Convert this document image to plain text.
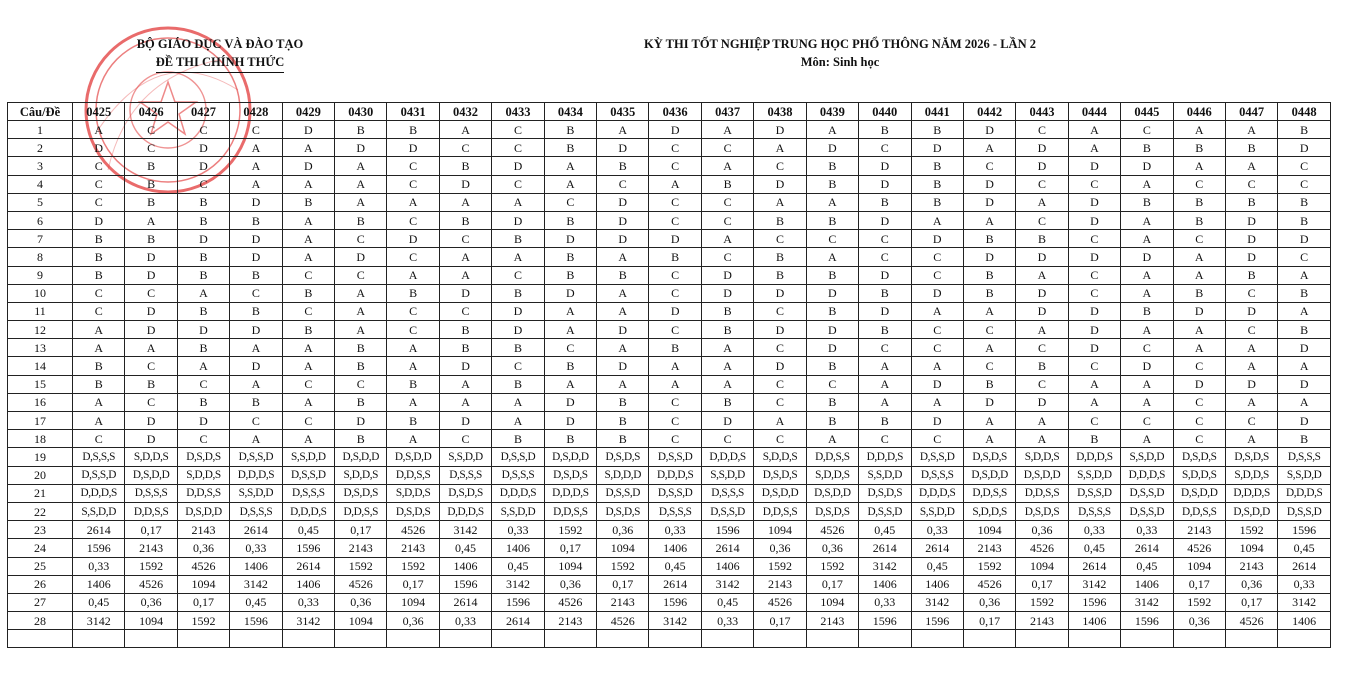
BỘ GIÁO DỤC VÀ ĐÀO TẠO
ĐỀ THI CHÍNH THỨC
KỲ THI TỐT NGHIỆP TRUNG HỌC PHỔ THÔNG NĂM 2026 - LẦN 2
Môn: Sinh học
Câu/Đề	0425	0426	0427	0428	0429	0430	0431	0432	0433	0434	0435	0436	0437	0438	0439	0440	0441	0442	0443	0444	0445	0446	0447	0448
1	A	C	C	C	D	B	B	A	C	B	A	D	A	D	A	B	B	D	C	A	C	A	A	B
2	D	C	D	A	A	D	D	C	C	B	D	C	C	A	D	C	D	A	D	A	B	B	B	D
3	C	B	D	A	D	A	C	B	D	A	B	C	A	C	B	D	B	C	D	D	D	A	A	C
4	C	B	C	A	A	A	C	D	C	A	C	A	B	D	B	D	B	D	C	C	A	C	C	C
5	C	B	B	D	B	A	A	A	A	C	D	C	C	A	A	B	B	D	A	D	B	B	B	B
6	D	A	B	B	A	B	C	B	D	B	D	C	C	B	B	D	A	A	C	D	A	B	D	B
7	B	B	D	D	A	C	D	C	B	D	D	D	A	C	C	C	D	B	B	C	A	C	D	D
8	B	D	B	D	A	D	C	A	A	B	A	B	C	B	A	C	C	D	D	D	D	A	D	C
9	B	D	B	B	C	C	A	A	C	B	B	C	D	B	B	D	C	B	A	C	A	A	B	A
10	C	C	A	C	B	A	B	D	B	D	A	C	D	D	D	B	D	B	D	C	A	B	C	B
11	C	D	B	B	C	A	C	C	D	A	A	D	B	C	B	D	A	A	D	D	B	D	D	A
12	A	D	D	D	B	A	C	B	D	A	D	C	B	D	D	B	C	C	A	D	A	A	C	B
13	A	A	B	A	A	B	A	B	B	C	A	B	A	C	D	C	C	A	C	D	C	A	A	D
14	B	C	A	D	A	B	A	D	C	B	D	A	A	D	B	A	A	C	B	C	D	C	A	A
15	B	B	C	A	C	C	B	A	B	A	A	A	A	C	C	A	D	B	C	A	A	D	D	D
16	A	C	B	B	A	B	A	A	A	D	B	C	B	C	B	A	A	D	D	A	A	C	A	A
17	A	D	D	C	C	D	B	D	A	D	B	C	D	A	B	B	D	A	A	C	C	C	C	D
18	C	D	C	A	A	B	A	C	B	B	B	C	C	C	A	C	C	A	A	B	A	C	A	B
19	D,S,S,S	S,D,D,S	D,S,D,S	D,S,S,D	S,S,D,D	D,S,D,D	D,S,D,D	S,S,D,D	D,S,S,D	D,S,D,D	D,S,D,S	D,S,S,D	D,D,D,S	S,D,D,S	D,D,S,S	D,D,D,S	D,S,S,D	D,S,D,S	S,D,D,S	D,D,D,S	S,S,D,D	D,S,D,S	D,S,D,S	D,S,S,S
20	D,S,S,D	D,S,D,D	S,D,D,S	D,D,D,S	D,S,S,D	S,D,D,S	D,D,S,S	D,S,S,S	D,S,S,S	D,S,D,S	S,D,D,D	D,D,D,S	S,S,D,D	D,S,D,S	S,D,D,S	S,S,D,D	D,S,S,S	D,S,D,D	D,S,D,D	S,S,D,D	D,D,D,S	S,D,D,S	S,D,D,S	S,S,D,D
21	D,D,D,S	D,S,S,S	D,D,S,S	S,S,D,D	D,S,S,S	D,S,D,S	S,D,D,S	D,S,D,S	D,D,D,S	D,D,D,S	D,S,S,D	D,S,S,D	D,S,S,S	D,S,D,D	D,S,D,D	D,S,D,S	D,D,D,S	D,D,S,S	D,D,S,S	D,S,S,D	D,S,S,D	D,S,D,D	D,D,D,S	D,D,D,S
22	S,S,D,D	D,D,S,S	D,S,D,D	D,S,S,S	D,D,D,S	D,D,S,S	D,S,D,S	D,D,D,S	S,S,D,D	D,D,S,S	D,S,D,S	D,S,S,S	D,S,S,D	D,D,S,S	D,S,D,S	D,S,S,D	S,S,D,D	S,D,D,S	D,S,D,S	D,S,S,S	D,S,S,D	D,D,S,S	D,S,D,D	D,S,S,D
23	2614	0,17	2143	2614	0,45	0,17	4526	3142	0,33	1592	0,36	0,33	1596	1094	4526	0,45	0,33	1094	0,36	0,33	0,33	2143	1592	1596
24	1596	2143	0,36	0,33	1596	2143	2143	0,45	1406	0,17	1094	1406	2614	0,36	0,36	2614	2614	2143	4526	0,45	2614	4526	1094	0,45
25	0,33	1592	4526	1406	2614	1592	1592	1406	0,45	1094	1592	0,45	1406	1592	1592	3142	0,45	1592	1094	2614	0,45	1094	2143	2614
26	1406	4526	1094	3142	1406	4526	0,17	1596	3142	0,36	0,17	2614	3142	2143	0,17	1406	1406	4526	0,17	3142	1406	0,17	0,36	0,33
27	0,45	0,36	0,17	0,45	0,33	0,36	1094	2614	1596	4526	2143	1596	0,45	4526	1094	0,33	3142	0,36	1592	1596	3142	1592	0,17	3142
28	3142	1094	1592	1596	3142	1094	0,36	0,33	2614	2143	4526	3142	0,33	0,17	2143	1596	1596	0,17	2143	1406	1596	0,36	4526	1406
